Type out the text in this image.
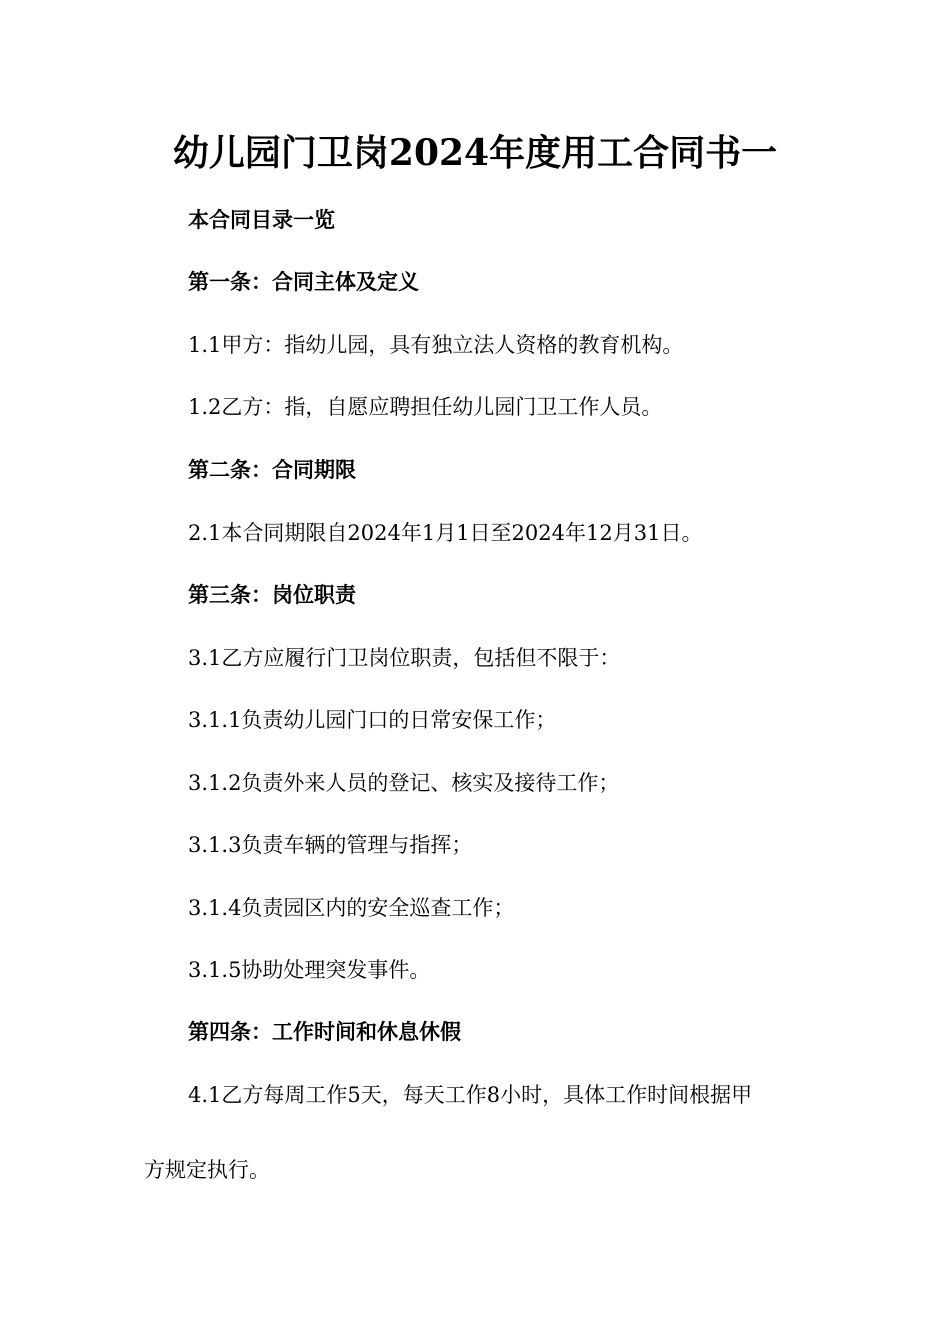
幼儿园门卫岗2024年度用工合同书一
本合同目录一览
第一条：合同主体及定义
1.1甲方：指幼儿园，具有独立法人资格的教育机构。
1.2乙方：指，自愿应聘担任幼儿园门卫工作人员。
第二条：合同期限
2.1本合同期限自2024年1月1日至2024年12月31日。
第三条：岗位职责
3.1乙方应履行门卫岗位职责，包括但不限于：
3.1.1负责幼儿园门口的日常安保工作；
3.1.2负责外来人员的登记、核实及接待工作；
3.1.3负责车辆的管理与指挥；
3.1.4负责园区内的安全巡查工作；
3.1.5协助处理突发事件。
第四条：工作时间和休息休假
4.1乙方每周工作5天，每天工作8小时，具体工作时间根据甲
方规定执行。
